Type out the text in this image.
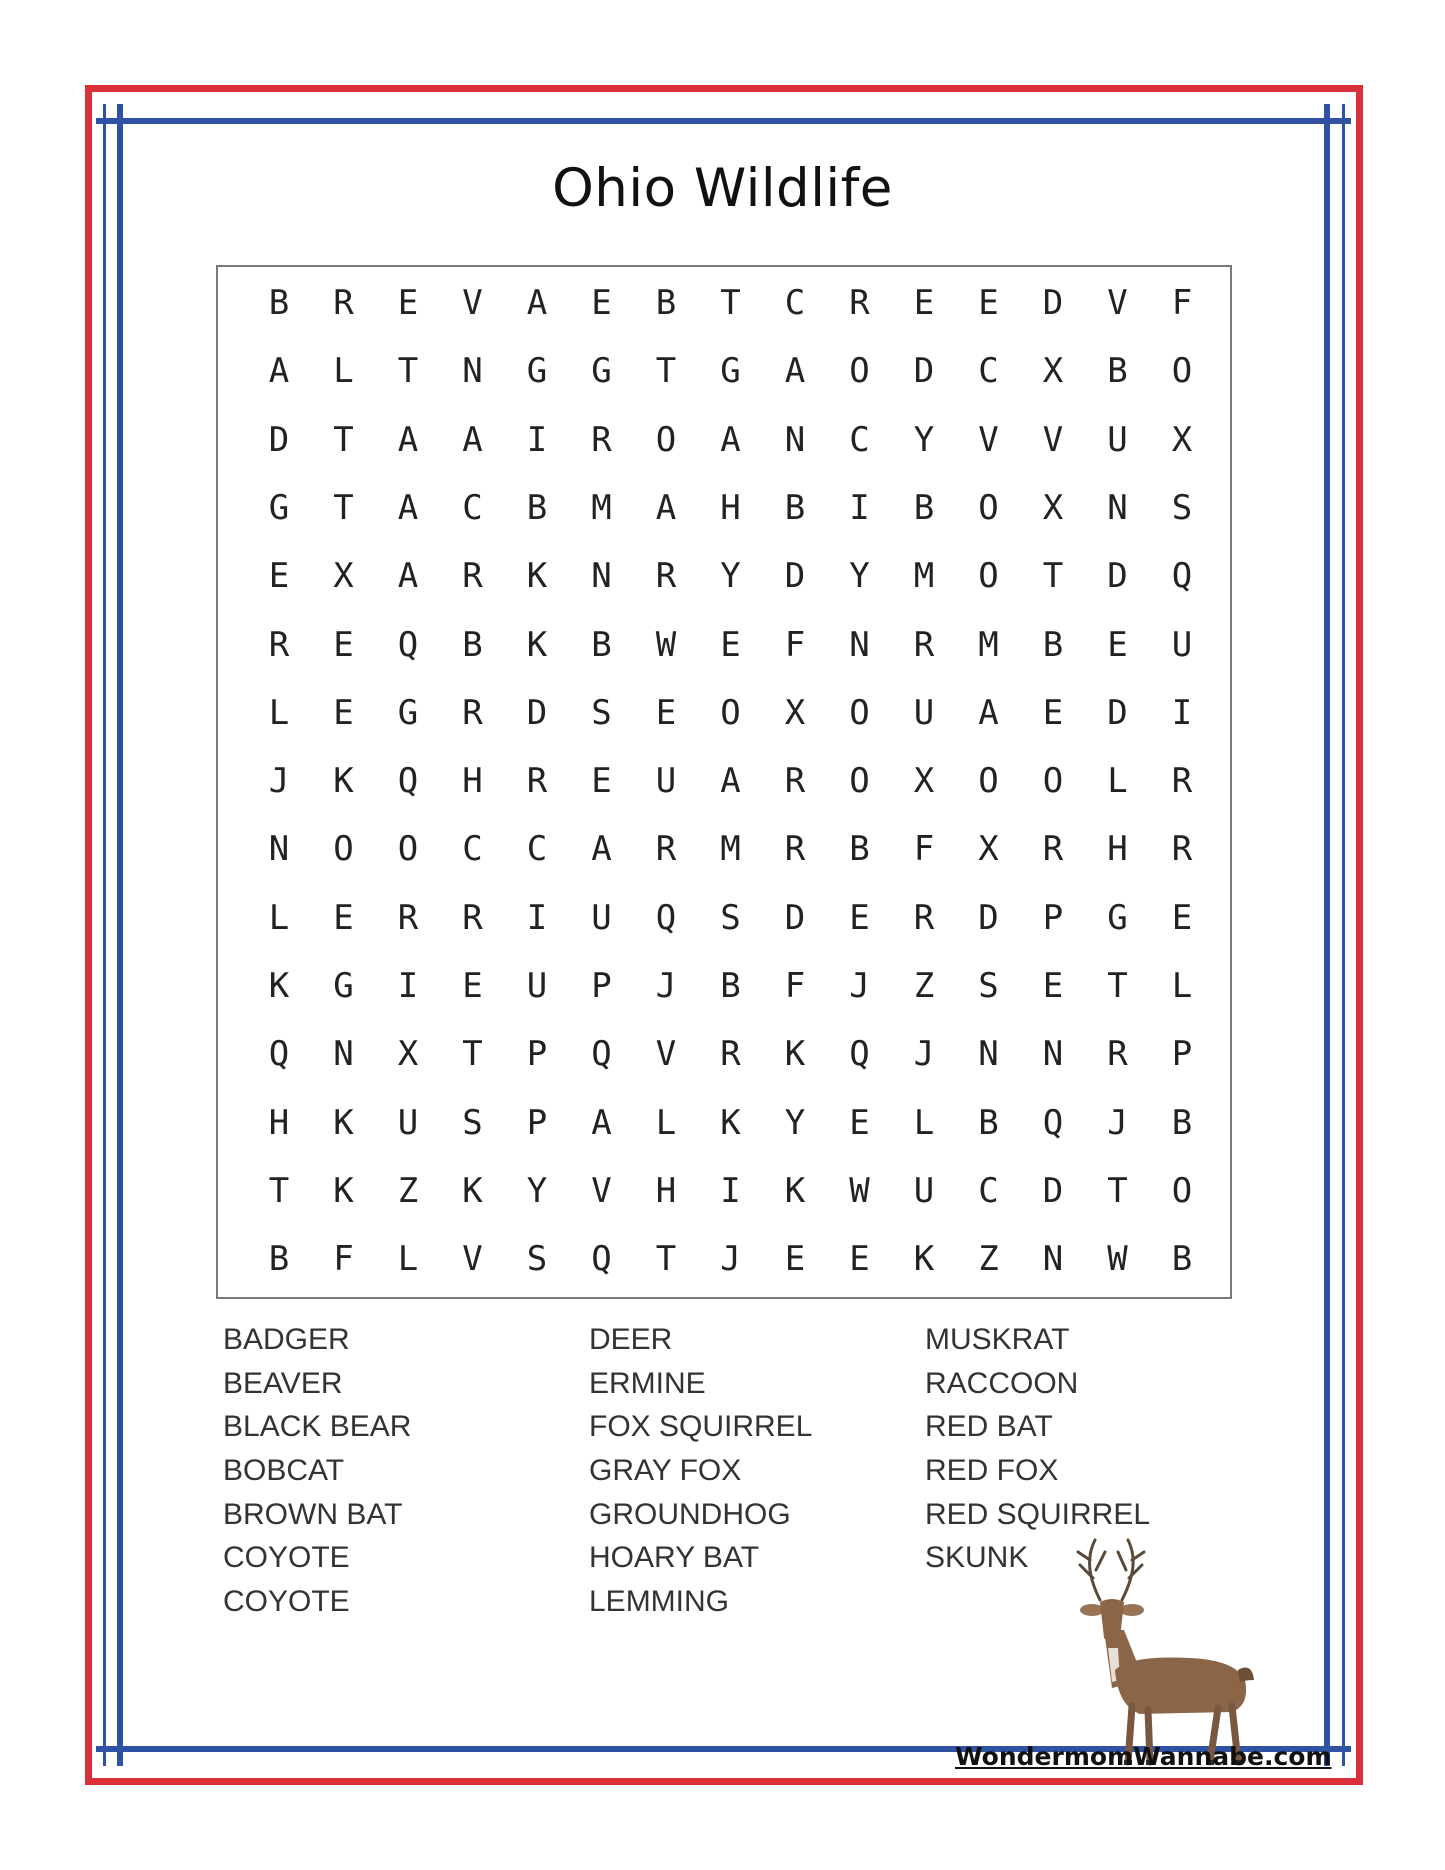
Ohio Wildlife
B	R	E	V	A	E	B	T	C	R	E	E	D	V	F
A	L	T	N	G	G	T	G	A	O	D	C	X	B	O
D	T	A	A	I	R	O	A	N	C	Y	V	V	U	X
G	T	A	C	B	M	A	H	B	I	B	O	X	N	S
E	X	A	R	K	N	R	Y	D	Y	M	O	T	D	Q
R	E	Q	B	K	B	W	E	F	N	R	M	B	E	U
L	E	G	R	D	S	E	O	X	O	U	A	E	D	I
J	K	Q	H	R	E	U	A	R	O	X	O	O	L	R
N	O	O	C	C	A	R	M	R	B	F	X	R	H	R
L	E	R	R	I	U	Q	S	D	E	R	D	P	G	E
K	G	I	E	U	P	J	B	F	J	Z	S	E	T	L
Q	N	X	T	P	Q	V	R	K	Q	J	N	N	R	P
H	K	U	S	P	A	L	K	Y	E	L	B	Q	J	B
T	K	Z	K	Y	V	H	I	K	W	U	C	D	T	O
B	F	L	V	S	Q	T	J	E	E	K	Z	N	W	B
BADGER
BEAVER
BLACK BEAR
BOBCAT
BROWN BAT
COYOTE
COYOTE
DEER
ERMINE
FOX SQUIRREL
GRAY FOX
GROUNDHOG
HOARY BAT
LEMMING
MUSKRAT
RACCOON
RED BAT
RED FOX
RED SQUIRREL
SKUNK
WondermomWannabe.com
